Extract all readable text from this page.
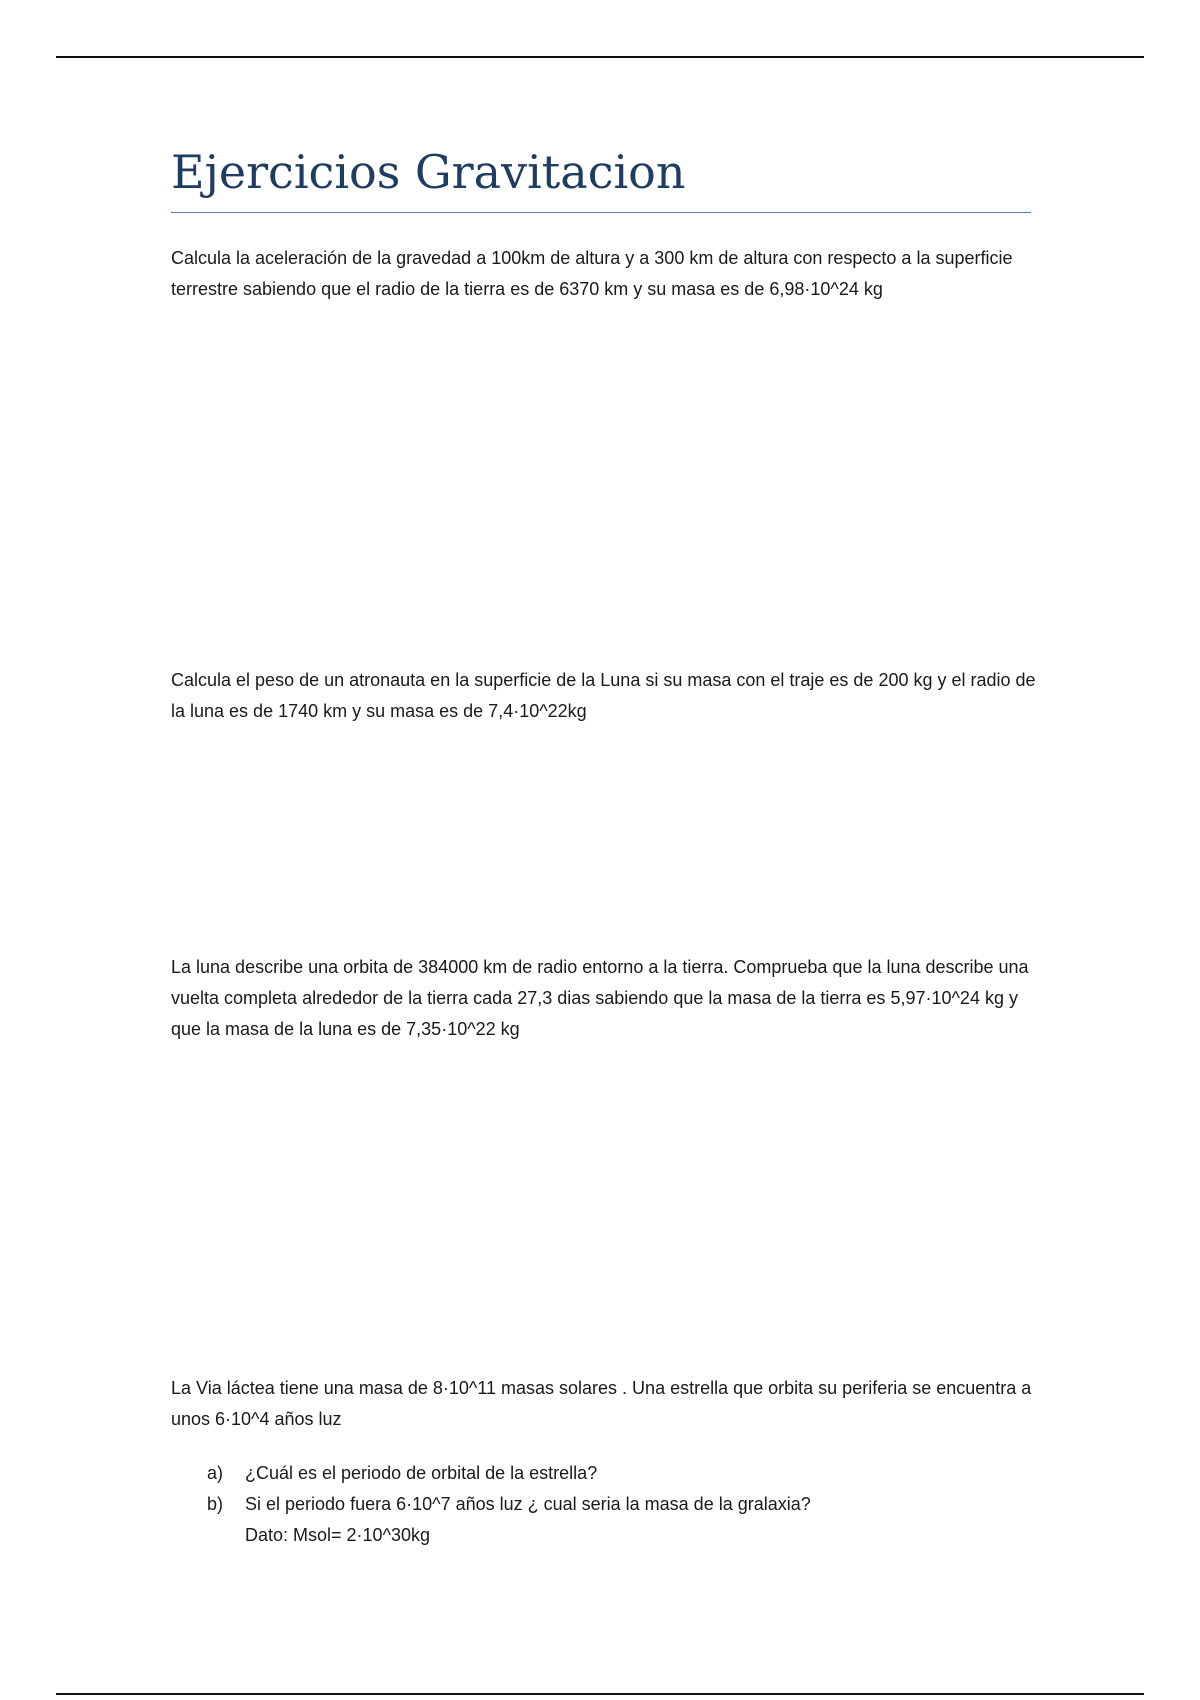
Ejercicios Gravitacion

Calcula la aceleración de la gravedad a 100km de altura y a 300 km de altura con respecto a la superficie terrestre sabiendo que el radio de la tierra es de 6370 km y su masa es de 6,98·10^24 kg

Calcula el peso de un atronauta en la superficie de la Luna si su masa con el traje es de 200 kg y el radio de la luna es de 1740 km y su masa es de 7,4·10^22kg

La luna describe una orbita de 384000 km de radio entorno a la tierra. Comprueba que la luna describe una vuelta completa alrededor de la tierra cada 27,3 dias sabiendo que la masa de la tierra es 5,97·10^24 kg y que la masa de la luna es de 7,35·10^22 kg

La Via láctea tiene una masa de 8·10^11 masas solares . Una estrella que orbita su periferia se encuentra a unos 6·10^4 años luz

a) ¿Cuál es el periodo de orbital de la estrella?
b) Si el periodo fuera 6·10^7 años luz ¿ cual seria la masa de la gralaxia?
Dato: Msol= 2·10^30kg
